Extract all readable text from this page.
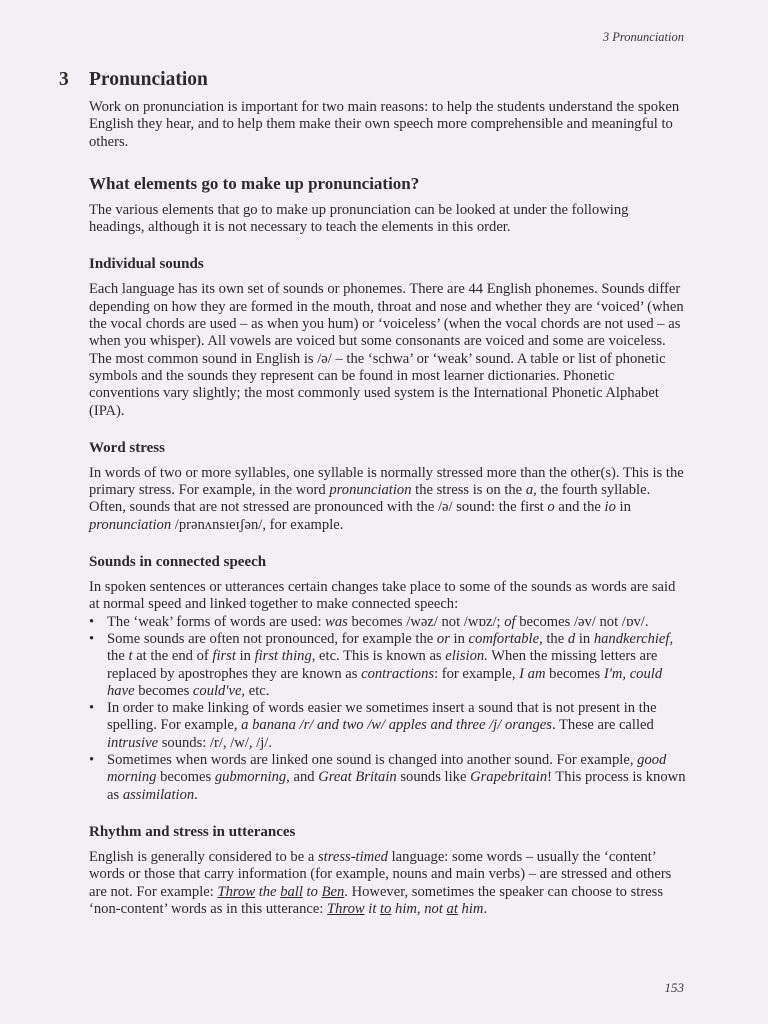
3 Pronunciation
3 Pronunciation

Work on pronunciation is important for two main reasons: to help the students understand the spoken English they hear, and to help them make their own speech more comprehensible and meaningful to others.

What elements go to make up pronunciation?

The various elements that go to make up pronunciation can be looked at under the following headings, although it is not necessary to teach the elements in this order.

Individual sounds

Each language has its own set of sounds or phonemes. There are 44 English phonemes. Sounds differ depending on how they are formed in the mouth, throat and nose and whether they are ‘voiced’ (when the vocal chords are used – as when you hum) or ‘voiceless’ (when the vocal chords are not used – as when you whisper). All vowels are voiced but some consonants are voiced and some are voiceless. The most common sound in English is /ə/ – the ‘schwa’ or ‘weak’ sound. A table or list of phonetic symbols and the sounds they represent can be found in most learner dictionaries. Phonetic conventions vary slightly; the most commonly used system is the International Phonetic Alphabet (IPA).

Word stress

In words of two or more syllables, one syllable is normally stressed more than the other(s). This is the primary stress. For example, in the word pronunciation the stress is on the a, the fourth syllable. Often, sounds that are not stressed are pronounced with the /ə/ sound: the first o and the io in pronunciation /prənʌnsɪeɪʃən/, for example.

Sounds in connected speech

In spoken sentences or utterances certain changes take place to some of the sounds as words are said at normal speed and linked together to make connected speech:

• The ‘weak’ forms of words are used: was becomes /wəz/ not /wɒz/; of becomes /əv/ not /ɒv/.
• Some sounds are often not pronounced, for example the or in comfortable, the d in handkerchief, the t at the end of first in first thing, etc. This is known as elision. When the missing letters are replaced by apostrophes they are known as contractions: for example, I am becomes I'm, could have becomes could've, etc.
• In order to make linking of words easier we sometimes insert a sound that is not present in the spelling. For example, a banana /r/ and two /w/ apples and three /j/ oranges. These are called intrusive sounds: /r/, /w/, /j/.
• Sometimes when words are linked one sound is changed into another sound. For example, good morning becomes gubmorning, and Great Britain sounds like Grapebritain! This process is known as assimilation.
Rhythm and stress in utterances

English is generally considered to be a stress-timed language: some words – usually the ‘content’ words or those that carry information (for example, nouns and main verbs) – are stressed and others are not. For example: Throw the ball to Ben. However, sometimes the speaker can choose to stress ‘non-content’ words as in this utterance: Throw it to him, not at him.

153
